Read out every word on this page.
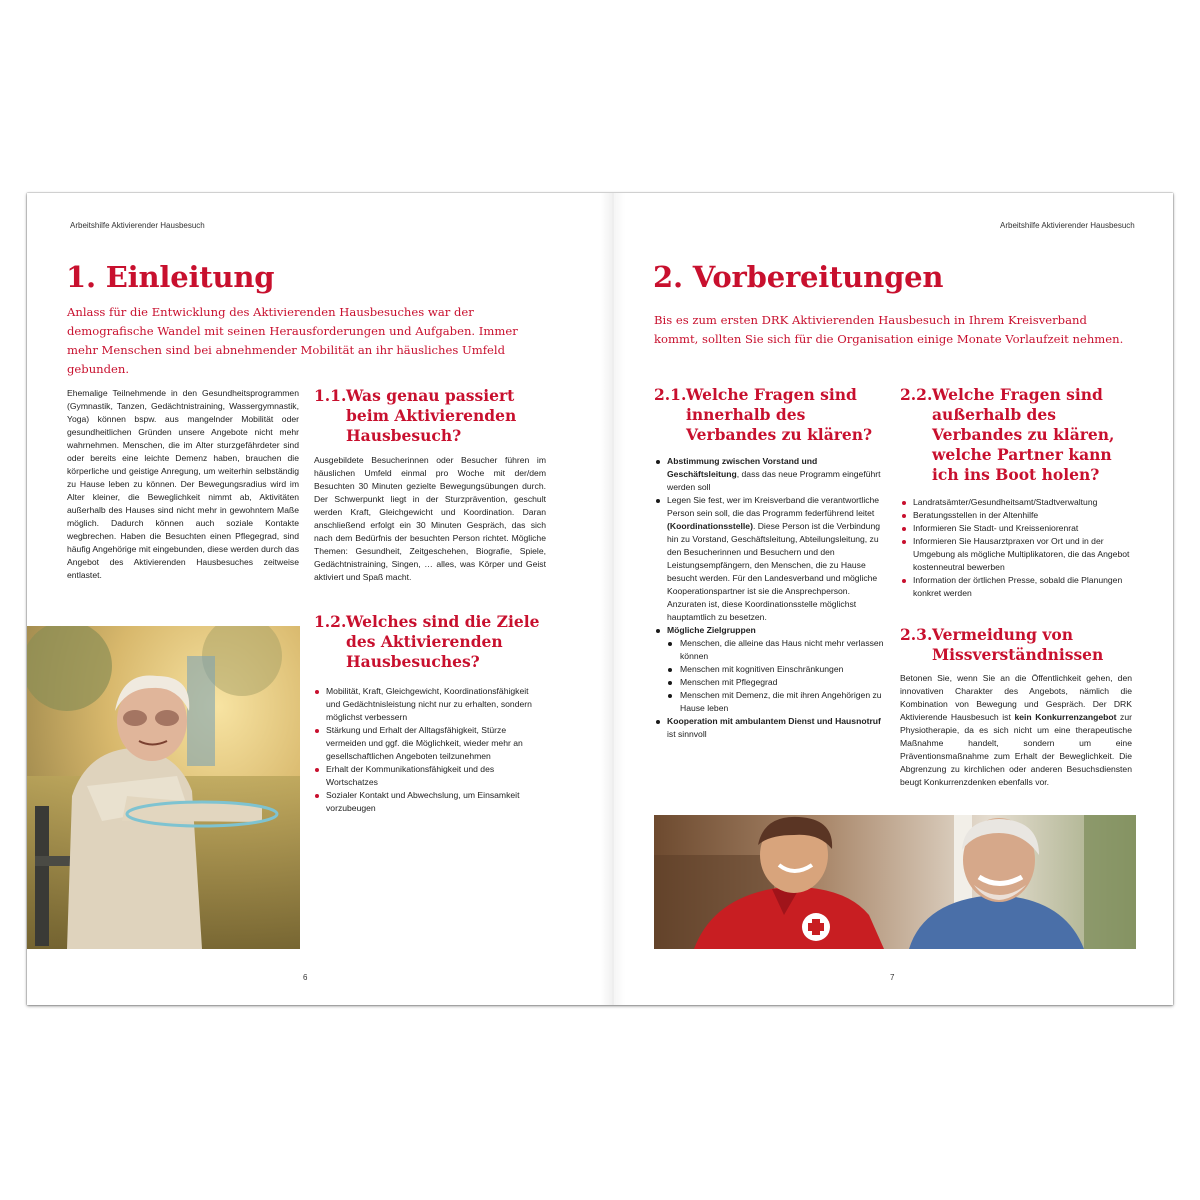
Arbeitshilfe Aktivierender Hausbesuch
1. Einleitung
Anlass für die Entwicklung des Aktivierenden Hausbesuches war der demografische Wandel mit seinen Herausforderungen und Aufgaben. Immer mehr Menschen sind bei abnehmender Mobilität an ihr häusliches Umfeld gebunden.
Ehemalige Teilnehmende in den Gesundheitsprogrammen (Gymnastik, Tanzen, Gedächtnistraining, Wassergymnastik, Yoga) können bspw. aus mangelnder Mobilität oder gesundheitlichen Gründen unsere Angebote nicht mehr wahrnehmen. Menschen, die im Alter sturzgefährdeter sind oder bereits eine leichte Demenz haben, brauchen die körperliche und geistige Anregung, um weiterhin selbständig zu Hause leben zu können. Der Bewegungsradius wird im Alter kleiner, die Beweglichkeit nimmt ab, Aktivitäten außerhalb des Hauses sind nicht mehr in gewohntem Maße möglich. Dadurch können auch soziale Kontakte wegbrechen. Haben die Besuchten einen Pflegegrad, sind häufig Angehörige mit eingebunden, diese werden durch das Angebot des Aktivierenden Hausbesuches zeitweise entlastet.
1.1. Was genau passiert beim Aktivierenden Hausbesuch?
Ausgebildete Besucherinnen oder Besucher führen im häuslichen Umfeld einmal pro Woche mit der/dem Besuchten 30 Minuten gezielte Bewegungsübungen durch. Der Schwerpunkt liegt in der Sturzprävention, geschult werden Kraft, Gleichgewicht und Koordination. Daran anschließend erfolgt ein 30 Minuten Gespräch, das sich nach dem Bedürfnis der besuchten Person richtet. Mögliche Themen: Gesundheit, Zeitgeschehen, Biografie, Spiele, Gedächtnistraining, Singen, … alles, was Körper und Geist aktiviert und Spaß macht.
1.2. Welches sind die Ziele des Aktivierenden Hausbesuches?
Mobilität, Kraft, Gleichgewicht, Koordinationsfähigkeit und Gedächtnisleistung nicht nur zu erhalten, sondern möglichst verbessern
Stärkung und Erhalt der Alltagsfähigkeit, Stürze vermeiden und ggf. die Möglichkeit, wieder mehr an gesellschaftlichen Angeboten teilzunehmen
Erhalt der Kommunikationsfähigkeit und des Wortschatzes
Sozialer Kontakt und Abwechslung, um Einsamkeit vorzubeugen
6
Arbeitshilfe Aktivierender Hausbesuch
2. Vorbereitungen
Bis es zum ersten DRK Aktivierenden Hausbesuch in Ihrem Kreisverband kommt, sollten Sie sich für die Organisation einige Monate Vorlaufzeit nehmen.
2.1. Welche Fragen sind innerhalb des Verbandes zu klären?
Abstimmung zwischen Vorstand und Geschäftsleitung, dass das neue Programm eingeführt werden soll
Legen Sie fest, wer im Kreisverband die verantwortliche Person sein soll, die das Programm federführend leitet (Koordinationsstelle). Diese Person ist die Verbindung hin zu Vorstand, Geschäftsleitung, Abteilungsleitung, zu den Besucherinnen und Besuchern und den Leistungsempfängern, den Menschen, die zu Hause besucht werden. Für den Landesverband und mögliche Kooperationspartner ist sie die Ansprechperson. Anzuraten ist, diese Koordinationsstelle möglichst hauptamtlich zu besetzen.
Mögliche Zielgruppen
Menschen, die alleine das Haus nicht mehr verlassen können
Menschen mit kognitiven Einschränkungen
Menschen mit Pflegegrad
Menschen mit Demenz, die mit ihren Angehörigen zu Hause leben
Kooperation mit ambulantem Dienst und Hausnotruf ist sinnvoll
2.2. Welche Fragen sind außerhalb des Verbandes zu klären, welche Partner kann ich ins Boot holen?
Landratsämter/Gesundheitsamt/Stadtverwaltung
Beratungsstellen in der Altenhilfe
Informieren Sie Stadt- und Kreisseniorenrat
Informieren Sie Hausarztpraxen vor Ort und in der Umgebung als mögliche Multiplikatoren, die das Angebot kostenneutral bewerben
Information der örtlichen Presse, sobald die Planungen konkret werden
2.3. Vermeidung von Missverständnissen
Betonen Sie, wenn Sie an die Öffentlichkeit gehen, den innovativen Charakter des Angebots, nämlich die Kombination von Bewegung und Gespräch. Der DRK Aktivierende Hausbesuch ist kein Konkurrenzangebot zur Physiotherapie, da es sich nicht um eine therapeutische Maßnahme handelt, sondern um eine Präventionsmaßnahme zum Erhalt der Beweglichkeit. Die Abgrenzung zu kirchlichen oder anderen Besuchsdiensten beugt Konkurrenzdenken ebenfalls vor.
7
